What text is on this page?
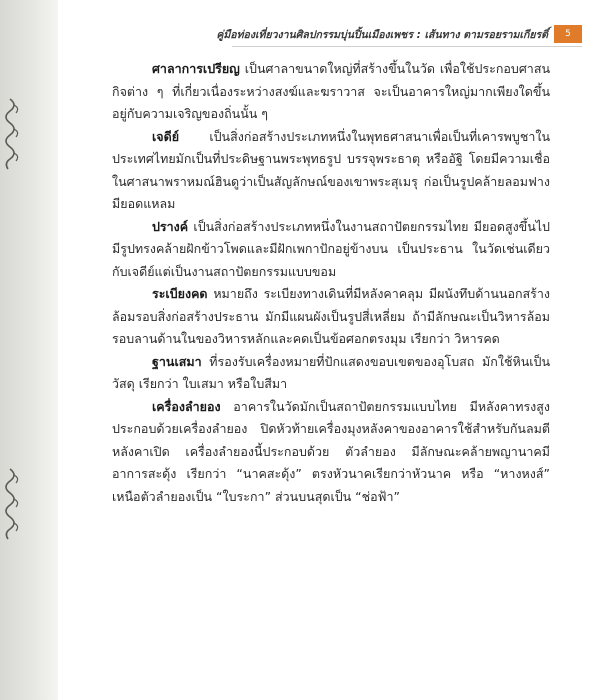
คู่มือท่องเที่ยวงานศิลปกรรมบุ่นปิ้นเมืองเพชร : เส้นทาง ตามรอยรามเกียรติ์	5

ศาลาการเปรียญ เป็นศาลาขนาดใหญ่ที่สร้างขึ้นในวัด เพื่อใช้ประกอบศาสนกิจต่าง ๆ ที่เกี่ยวเนื่องระหว่างสงฆ์และฆราวาส จะเป็นอาคารใหญ่มากเพียงใดขึ้นอยู่กับความเจริญของถิ่นนั้น ๆ

เจดีย์ เป็นสิ่งก่อสร้างประเภทหนึ่งในพุทธศาสนาเพื่อเป็นที่เคารพบูชาในประเทศไทยมักเป็นที่ประดิษฐานพระพุทธรูป บรรจุพระธาตุ หรืออัฐิ โดยมีความเชื่อในศาสนาพราหมณ์ฮินดูว่าเป็นสัญลักษณ์ของเขาพระสุเมรุ ก่อเป็นรูปคล้ายลอมฟาง มียอดแหลม

ปรางค์ เป็นสิ่งก่อสร้างประเภทหนึ่งในงานสถาปัตยกรรมไทย มียอดสูงขึ้นไปมีรูปทรงคล้ายฝักข้าวโพดและมีฝักเพกาปักอยู่ข้างบน เป็นประธาน ในวัดเช่นเดียวกับเจดีย์แต่เป็นงานสถาปัตยกรรมแบบขอม

ระเบียงคด หมายถึง ระเบียงทางเดินที่มีหลังคาคลุม มีผนังทึบด้านนอกสร้างล้อมรอบสิ่งก่อสร้างประธาน มักมีแผนผังเป็นรูปสี่เหลี่ยม ถ้ามีลักษณะเป็นวิหารล้อมรอบลานด้านในของวิหารหลักและคดเป็นข้อศอกตรงมุม เรียกว่า วิหารคด

ฐานเสมา ที่รองรับเครื่องหมายที่ปักแสดงขอบเขตของอุโบสถ มักใช้หินเป็นวัสดุ เรียกว่า ใบเสมา หรือใบสีมา

เครื่องลำยอง อาคารในวัดมักเป็นสถาปัตยกรรมแบบไทย มีหลังคาทรงสูงประกอบด้วยเครื่องลำยอง ปิดหัวท้ายเครื่องมุงหลังคาของอาคารใช้สำหรับกันลมตีหลังคาเปิด เครื่องลำยองนี้ประกอบด้วย ตัวลำยอง มีลักษณะคล้ายพญานาคมีอาการสะดุ้ง เรียกว่า “นาคสะดุ้ง” ตรงหัวนาคเรียกว่าหัวนาค หรือ “หางหงส์” เหนือตัวลำยองเป็น “ใบระกา” ส่วนบนสุดเป็น “ช่อฟ้า”
